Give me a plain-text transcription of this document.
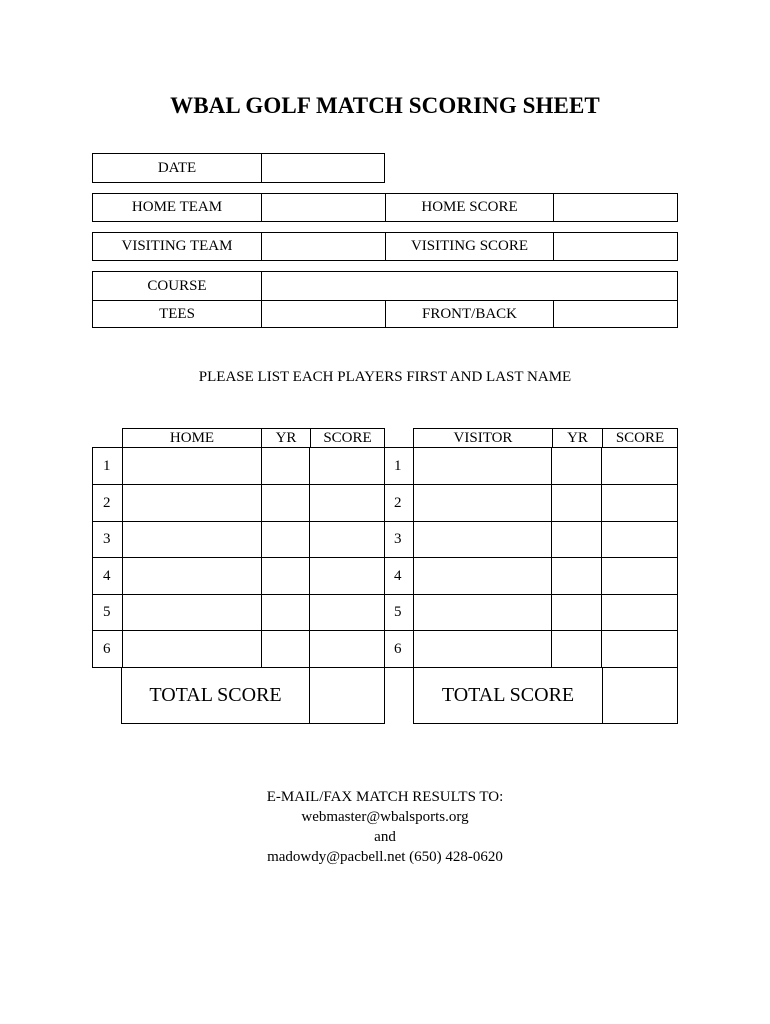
WBAL GOLF MATCH SCORING SHEET
DATE
HOME TEAM	HOME SCORE
VISITING TEAM	VISITING SCORE
COURSE
TEES	FRONT/BACK
PLEASE LIST EACH PLAYERS FIRST AND LAST NAME
HOME	YR	SCORE
1
2
3
4
5
6
TOTAL SCORE
VISITOR	YR	SCORE
1
2
3
4
5
6
TOTAL SCORE
E-MAIL/FAX MATCH RESULTS TO:
webmaster@wbalsports.org
and
madowdy@pacbell.net (650) 428-0620
